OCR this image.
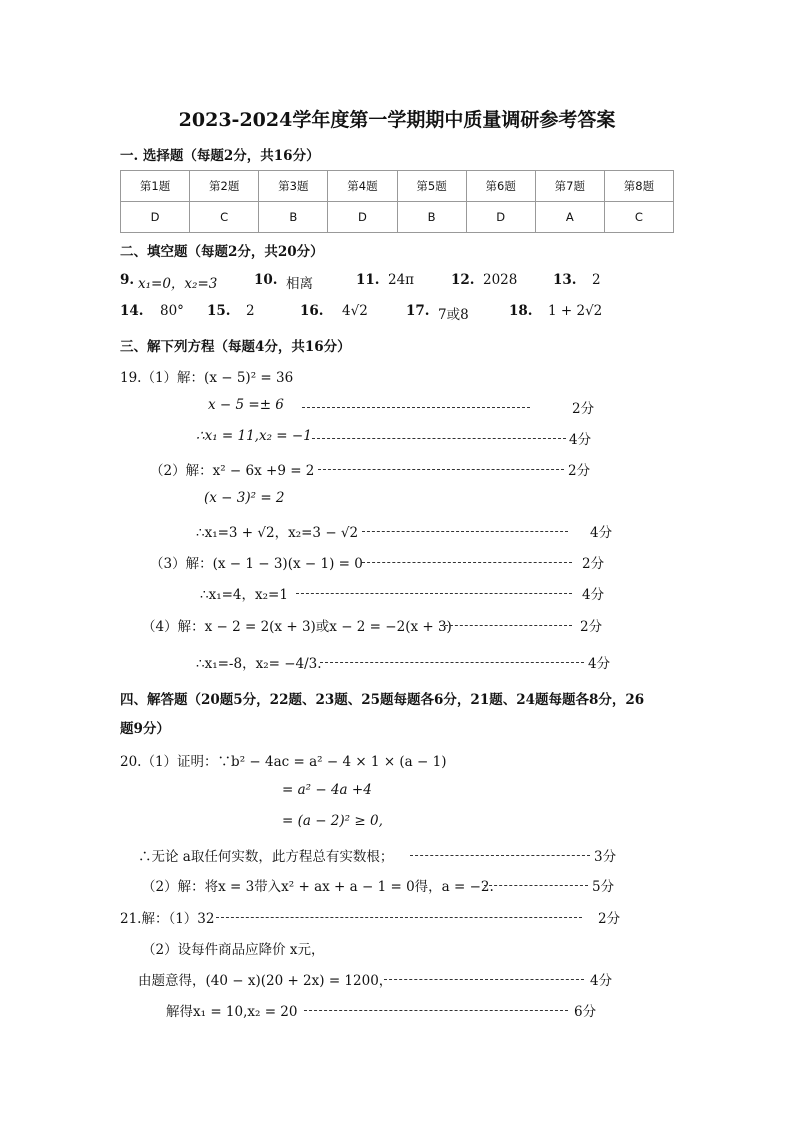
2023-2024学年度第一学期期中质量调研参考答案
一. 选择题（每题2分，共16分）
第1题	第2题	第3题	第4题	第5题	第6题	第7题	第8题
D	C	B	D	B	D	A	C
二、填空题（每题2分，共20分）
9. x₁=0，x₂=3	10. 相离	11. 24π	12. 2028	13. 2
14. 80° 15. 2	16. 4√2	17. 7或8	18. 1 + 2√2
三、解下列方程（每题4分，共16分）
19.（1）解：(x − 5)² = 36
x − 5 =± 6	2分
∴x₁ = 11,x₂ = −1	4分
（2）解：x² − 6x +9 = 2	2分
(x − 3)² = 2
∴x₁=3 + √2，x₂=3 − √2	4分
（3）解：(x − 1 − 3)(x − 1) = 0	2分
∴x₁=4，x₂=1	4分
（4）解：x − 2 = 2(x + 3)或x − 2 = −2(x + 3)	2分
∴x₁=-8，x₂= −4/3.	4分
四、解答题（20题5分，22题、23题、25题每题各6分，21题、24题每题各8分，26
题9分）
20.（1）证明：∵b² − 4ac = a² − 4 × 1 × (a − 1)
= a² − 4a +4
= (a − 2)² ≥ 0,
∴无论 a取任何实数，此方程总有实数根；	3分
（2）解：将x = 3带入x² + ax + a − 1 = 0得，a = −2.	5分
21.解：（1）32	2分
（2）设每件商品应降价 x元，
由题意得，(40 − x)(20 + 2x) = 1200，	4分
解得x₁ = 10,x₂ = 20	6分
